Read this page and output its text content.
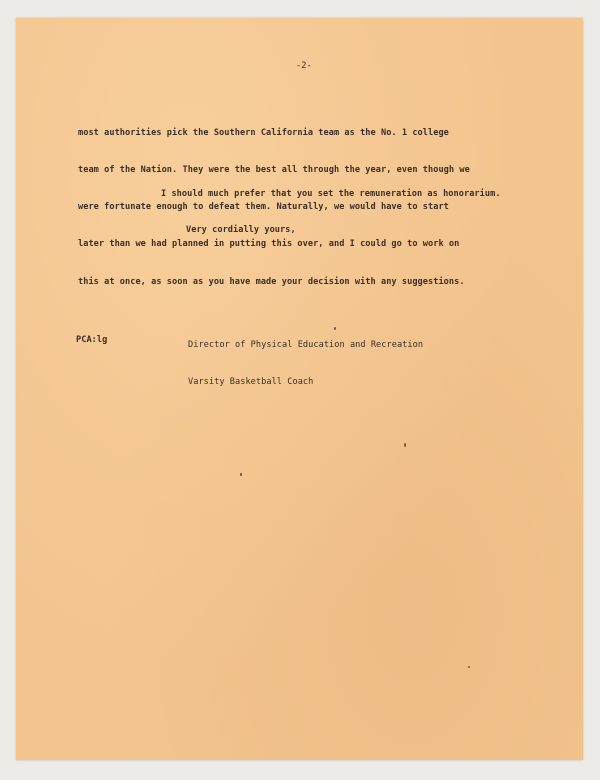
-2-

most authorities pick the Southern California team as the No. 1 college

team of the Nation. They were the best all through the year, even though we

were fortunate enough to defeat them. Naturally, we would have to start

later than we had planned in putting this over, and I could go to work on

this at once, as soon as you have made your decision with any suggestions.

I should much prefer that you set the remuneration as honorarium.
Very cordially yours,

Director of Physical Education and Recreation

Varsity Basketball Coach

PCA:lg
